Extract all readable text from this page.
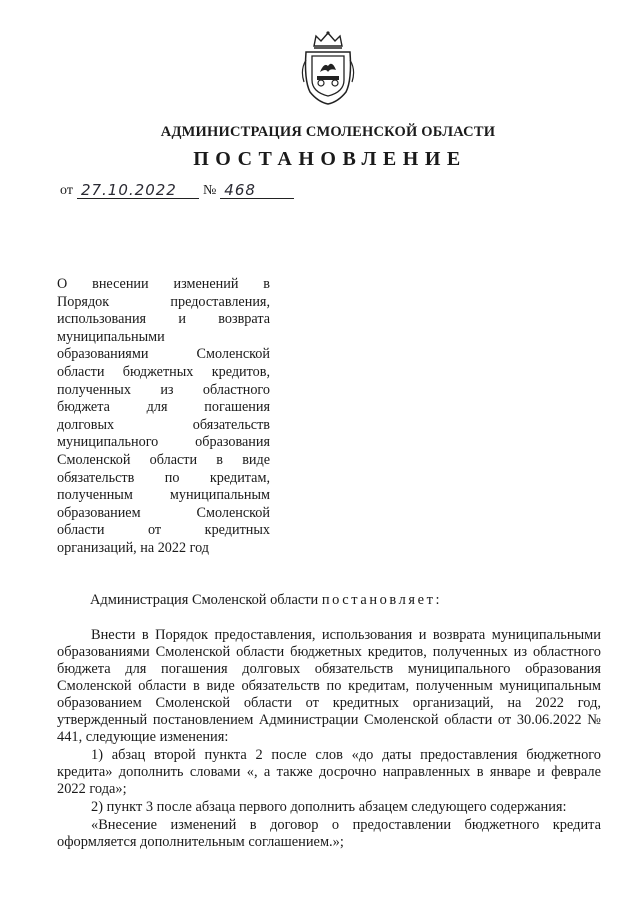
АДМИНИСТРАЦИЯ СМОЛЕНСКОЙ ОБЛАСТИ
ПОСТАНОВЛЕНИЕ
от 27.10.2022	№ 468
О внесении изменений в
Порядок предоставления,
использования и возврата
муниципальными
образованиями Смоленской
области бюджетных кредитов,
полученных из областного
бюджета для погашения
долговых обязательств
муниципального образования
Смоленской области в виде
обязательств по кредитам,
полученным муниципальным
образованием Смоленской
области от кредитных
организаций, на 2022 год
Администрация Смоленской области постановляет:

Внести в Порядок предоставления, использования и возврата муниципальными образованиями Смоленской области бюджетных кредитов, полученных из областного бюджета для погашения долговых обязательств муниципального образования Смоленской области в виде обязательств по кредитам, полученным муниципальным образованием Смоленской области от кредитных организаций, на 2022 год, утвержденный постановлением Администрации Смоленской области от 30.06.2022 № 441, следующие изменения:

1) абзац второй пункта 2 после слов «до даты предоставления бюджетного кредита» дополнить словами «, а также досрочно направленных в январе и феврале 2022 года»;

2) пункт 3 после абзаца первого дополнить абзацем следующего содержания:

«Внесение изменений в договор о предоставлении бюджетного кредита оформляется дополнительным соглашением.»;
